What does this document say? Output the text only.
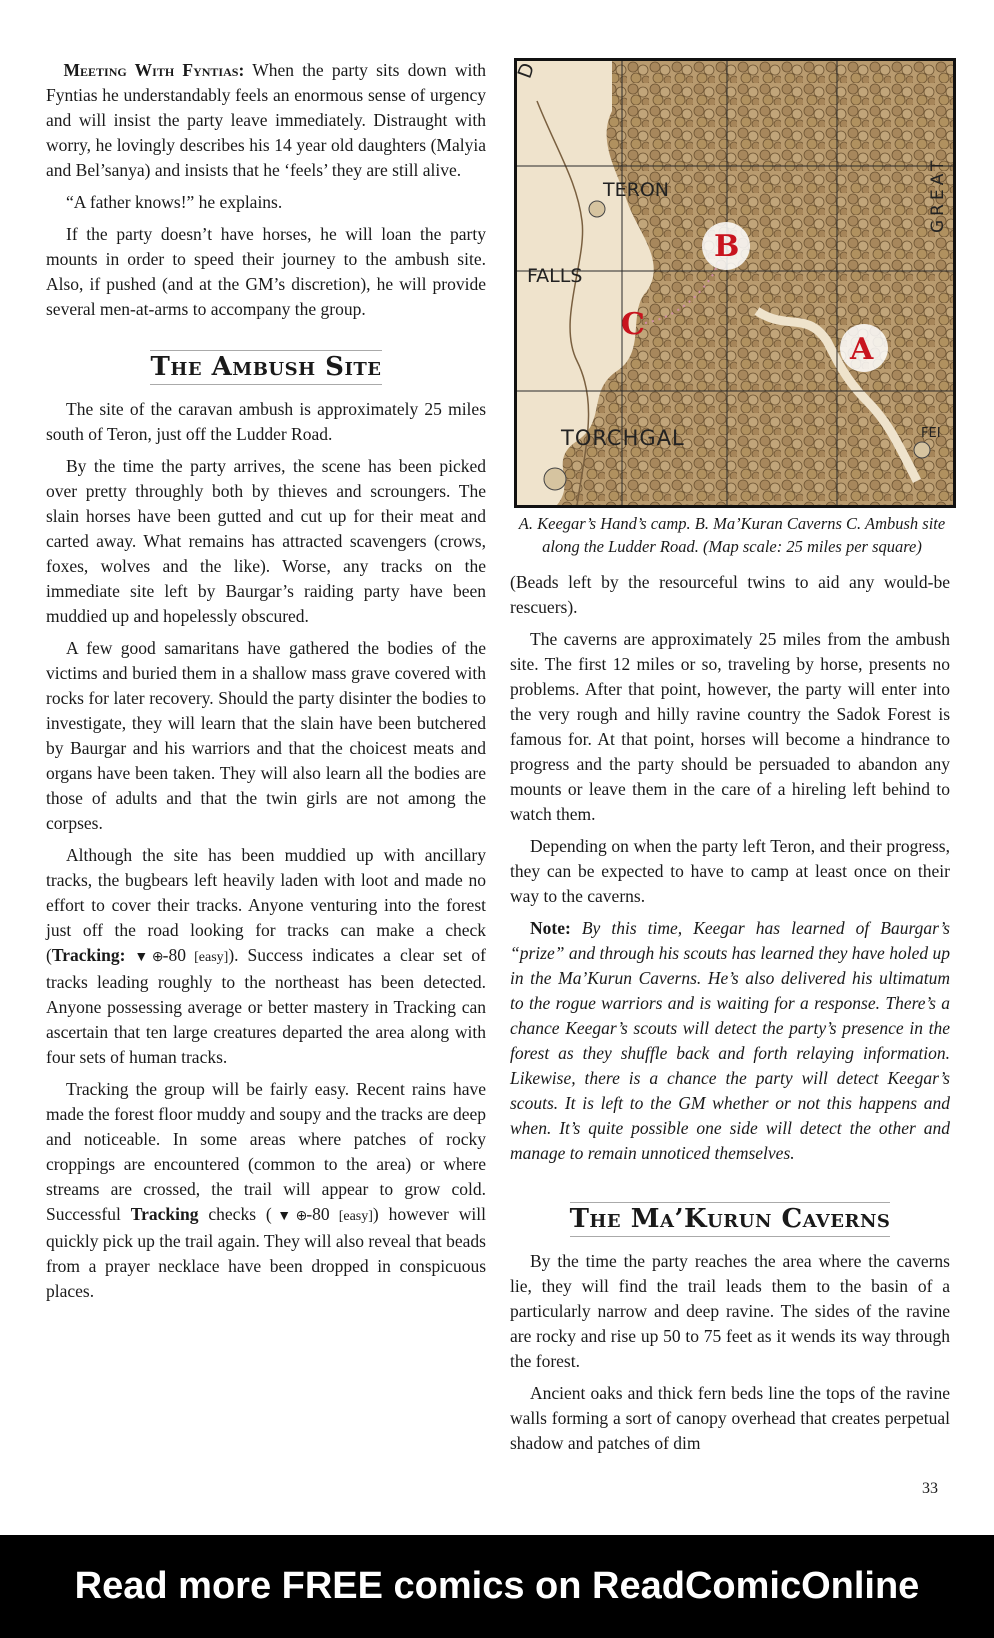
 Meeting With Fyntias: When the party sits down with Fyntias he understandably feels an enormous sense of urgency and will insist the party leave immediately. Distraught with worry, he lovingly describes his 14 year old daughters (Malyia and Bel’sanya) and insists that he ‘feels’ they are still alive.

“A father knows!” he explains.

If the party doesn’t have horses, he will loan the party mounts in order to speed their journey to the ambush site. Also, if pushed (and at the GM’s discretion), he will provide several men-at-arms to accompany the group.

The Ambush Site

The site of the caravan ambush is approximately 25 miles south of Teron, just off the Ludder Road.

By the time the party arrives, the scene has been picked over pretty throughly both by thieves and scroungers. The slain horses have been gutted and cut up for their meat and carted away. What remains has attracted scavengers (crows, foxes, wolves and the like). Worse, any tracks on the immediate site left by Baurgar’s raiding party have been muddied up and hopelessly obscured.

A few good samaritans have gathered the bodies of the victims and buried them in a shallow mass grave covered with rocks for later recovery. Should the party disinter the bodies to investigate, they will learn that the slain have been butchered by Baurgar and his warriors and that the choicest meats and organs have been taken. They will also learn all the bodies are those of adults and that the twin girls are not among the corpses.

Although the site has been muddied up with ancillary tracks, the bugbears left heavily laden with loot and made no effort to cover their tracks. Anyone venturing into the forest just off the road looking for tracks can make a check (Tracking: ▼⊕-80 [easy]). Success indicates a clear set of tracks leading roughly to the northeast has been detected. Anyone possessing average or better mastery in Tracking can ascertain that ten large creatures departed the area along with four sets of human tracks.

Tracking the group will be fairly easy. Recent rains have made the forest floor muddy and soupy and the tracks are deep and noticeable. In some areas where patches of rocky croppings are encountered (common to the area) or where streams are crossed, the trail will appear to grow cold. Successful Tracking checks (▼⊕-80 [easy]) however will quickly pick up the trail again. They will also reveal that beads from a prayer necklace have been dropped in conspicuous places.

TERON
FALLS
TORCHGAL	FEI
D
GREAT
B
A
C
A. Keegar’s Hand’s camp. B. Ma’Kuran Caverns C. Ambush site along the Ludder Road. (Map scale: 25 miles per square)

(Beads left by the resourceful twins to aid any would-be rescuers).

The caverns are approximately 25 miles from the ambush site. The first 12 miles or so, traveling by horse, presents no problems. After that point, however, the party will enter into the very rough and hilly ravine country the Sadok Forest is famous for. At that point, horses will become a hindrance to progress and the party should be persuaded to abandon any mounts or leave them in the care of a hireling left behind to watch them.

Depending on when the party left Teron, and their progress, they can be expected to have to camp at least once on their way to the caverns.

Note: By this time, Keegar has learned of Baurgar’s “prize” and through his scouts has learned they have holed up in the Ma’Kurun Caverns. He’s also delivered his ultimatum to the rogue warriors and is waiting for a response. There’s a chance Keegar’s scouts will detect the party’s presence in the forest as they shuffle back and forth relaying information. Likewise, there is a chance the party will detect Keegar’s scouts. It is left to the GM whether or not this happens and when. It’s quite possible one side will detect the other and manage to remain unnoticed themselves.

The Ma’Kurun Caverns

By the time the party reaches the area where the caverns lie, they will find the trail leads them to the basin of a particularly narrow and deep ravine. The sides of the ravine are rocky and rise up 50 to 75 feet as it wends its way through the forest.

Ancient oaks and thick fern beds line the tops of the ravine walls forming a sort of canopy overhead that creates perpetual shadow and patches of dim

33
Read more FREE comics on ReadComicOnline
